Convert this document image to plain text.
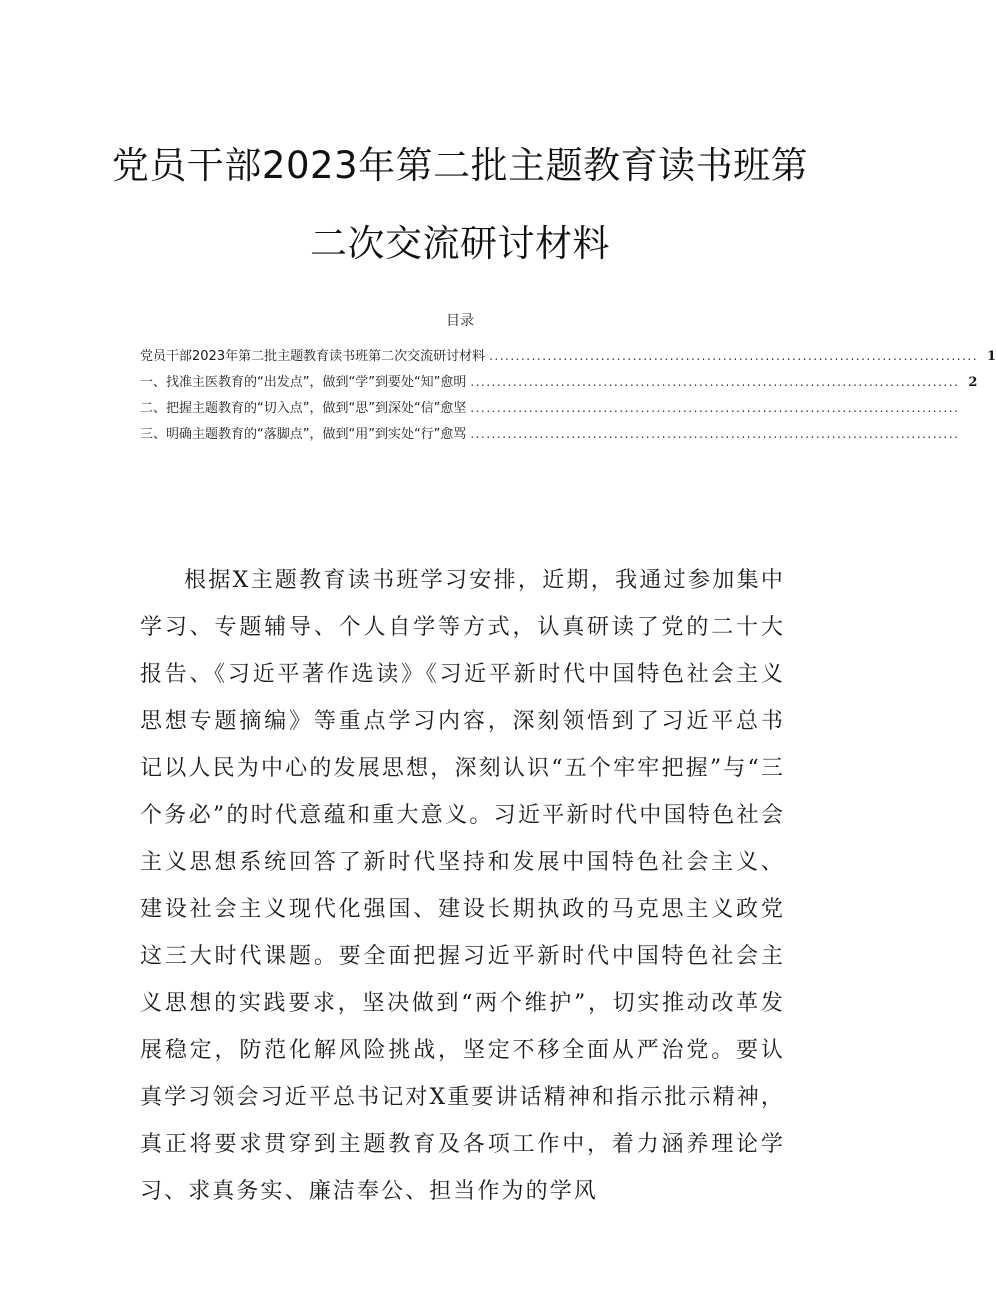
党员干部2023年第二批主题教育读书班第
二次交流研讨材料
目录
党员干部2023年第二批主题教育读书班第二次交流研讨材料 ............................................................................................ 1
一、找准主医教育的“出发点”，做到“学”到要处“知”愈明 ............................................................................................ 2
二、把握主题教育的“切入点”，做到“思”到深处“信”愈坚 ............................................................................................
三、明确主题教育的“落脚点”，做到“用”到实处“行”愈骂 ............................................................................................

根据X主题教育读书班学习安排，近期，我通过参加集中学习、专题辅导、个人自学等方式，认真研读了党的二十大报告、《习近平著作选读》《习近平新时代中国特色社会主义思想专题摘编》等重点学习内容，深刻领悟到了习近平总书记以人民为中心的发展思想，深刻认识“五个牢牢把握”与“三个务必”的时代意蕴和重大意义。习近平新时代中国特色社会主义思想系统回答了新时代坚持和发展中国特色社会主义、建设社会主义现代化强国、建设长期执政的马克思主义政党这三大时代课题。要全面把握习近平新时代中国特色社会主义思想的实践要求，坚决做到“两个维护”，切实推动改革发展稳定，防范化解风险挑战，坚定不移全面从严治党。要认真学习领会习近平总书记对X重要讲话精神和指示批示精神，真正将要求贯穿到主题教育及各项工作中，着力涵养理论学习、求真务实、廉洁奉公、担当作为的学风
